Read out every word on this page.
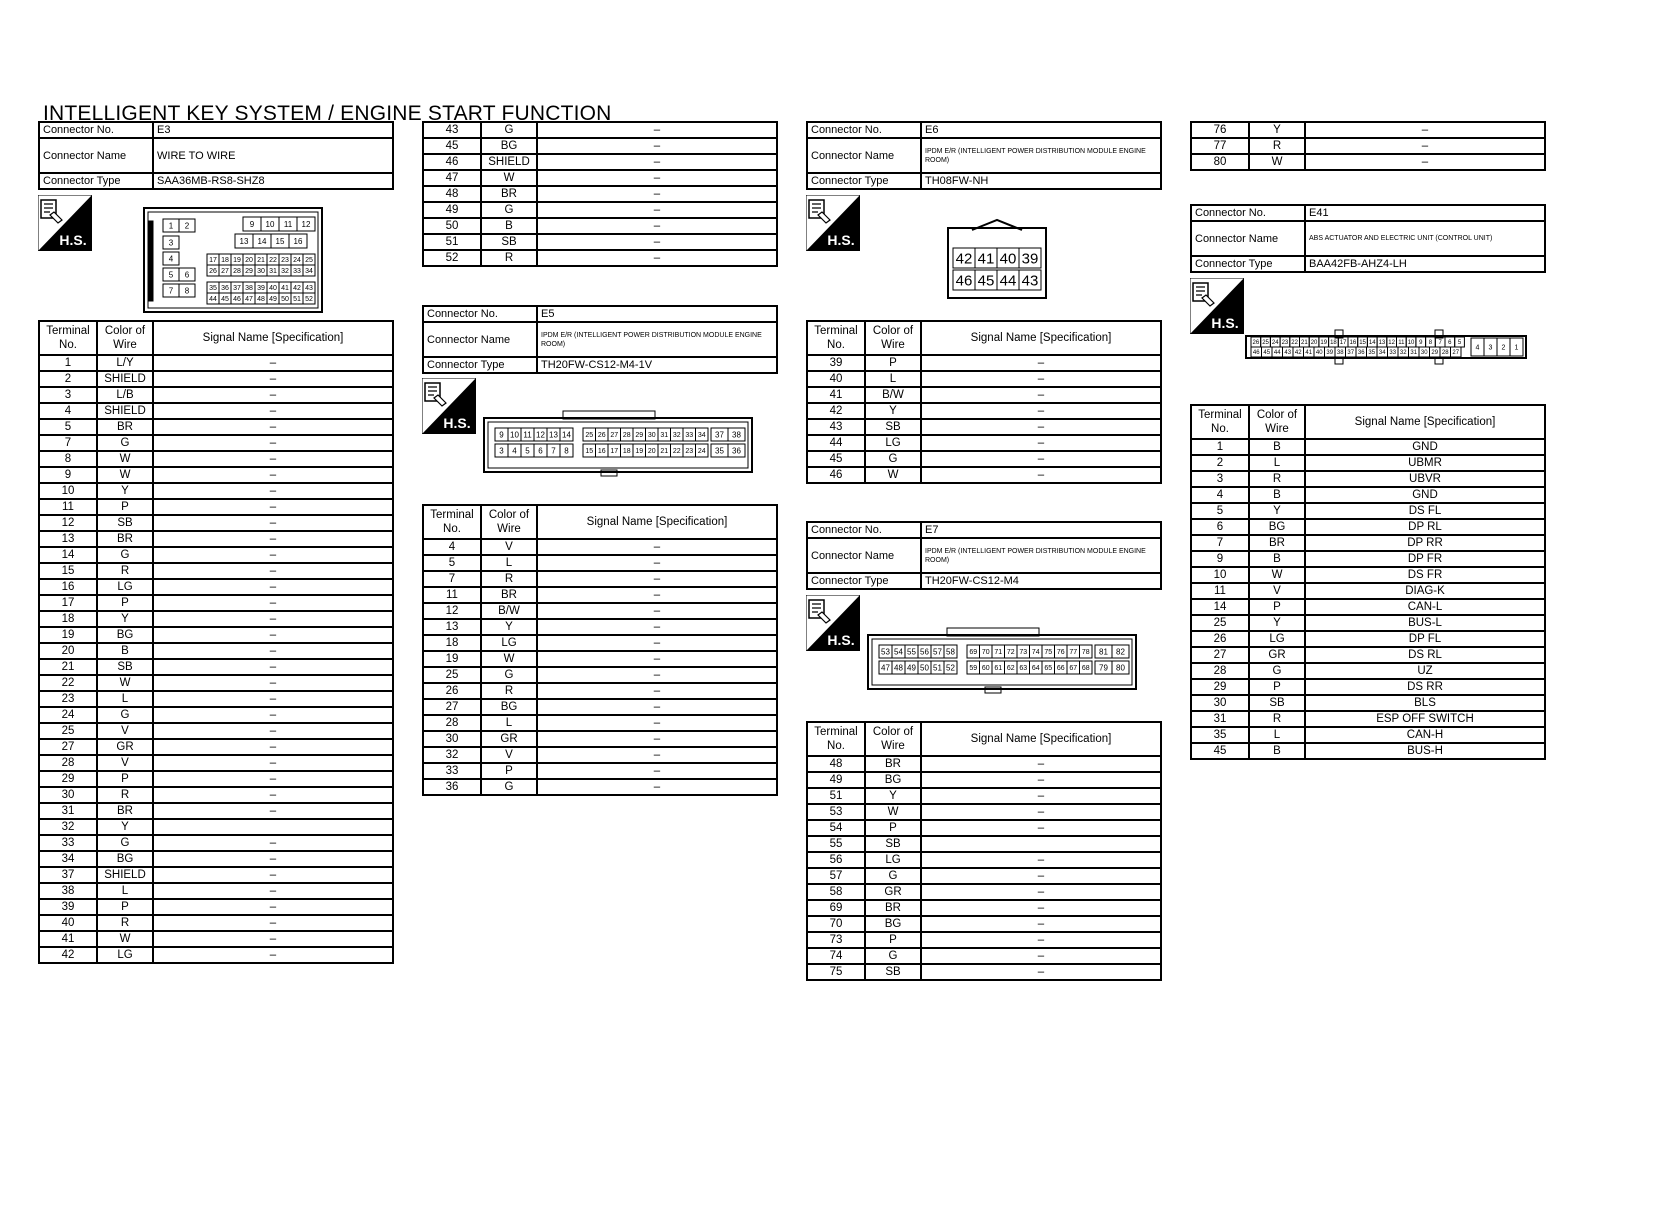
INTELLIGENT KEY SYSTEM / ENGINE START FUNCTION
Connector No.	E3
Connector Name	WIRE TO WIRE
Connector Type	SAA36MB-RS8-SHZ8
H.S.
1 2	9 10 11 12
3	13 14 15 16
4	17 18 19 20 21 22 23 24 25
5 6	26 27 28 29 30 31 32 33 34
7 8	35 36 37 38 39 40 41 42 43
44 45 46 47 48 49 50 51 52
Terminal No.	Color of Wire	Signal Name [Specification]
1	L/Y	–
2	SHIELD	–
3	L/B	–
4	SHIELD	–
5	BR	–
7	G	–
8	W	–
9	W	–
10	Y	–
11	P	–
12	SB	–
13	BR	–
14	G	–
15	R	–
16	LG	–
17	P	–
18	Y	–
19	BG	–
20	B	–
21	SB	–
22	W	–
23	L	–
24	G	–
25	V	–
27	GR	–
28	V	–
29	P	–
30	R	–
31	BR	–
32	Y	
33	G	–
34	BG	–
37	SHIELD	–
38	L	–
39	P	–
40	R	–
41	W	–
42	LG	–
43	G	–
45	BG	–
46	SHIELD	–
47	W	–
48	BR	–
49	G	–
50	B	–
51	SB	–
52	R	–
Connector No.	E5
Connector Name	IPDM E/R (INTELLIGENT POWER DISTRIBUTION MODULE ENGINE ROOM)
Connector Type	TH20FW-CS12-M4-1V
H.S.
9 10 11 12 13 14 25 26 27 28 29 30 31 32 33 34 37 38
3 4 5 6 7 8 15 16 17 18 19 20 21 22 23 24 35 36
Terminal No.	Color of Wire	Signal Name [Specification]
4	V	–
5	L	–
7	R	–
11	BR	–
12	B/W	–
13	Y	–
18	LG	–
19	W	–
25	G	–
26	R	–
27	BG	–
28	L	–
30	GR	–
32	V	–
33	P	–
36	G	–
Connector No.	E6
Connector Name	IPDM E/R (INTELLIGENT POWER DISTRIBUTION MODULE ENGINE ROOM)
Connector Type	TH08FW-NH
H.S.
42 41 40 39
46 45 44 43
Terminal No.	Color of Wire	Signal Name [Specification]
39	P	–
40	L	–
41	B/W	–
42	Y	–
43	SB	–
44	LG	–
45	G	–
46	W	–
Connector No.	E7
Connector Name	IPDM E/R (INTELLIGENT POWER DISTRIBUTION MODULE ENGINE ROOM)
Connector Type	TH20FW-CS12-M4
H.S.
53 54 55 56 57 58 69 70 71 72 73 74 75 76 77 78 81 82
47 48 49 50 51 52 59 60 61 62 63 64 65 66 67 68 79 80
Terminal No.	Color of Wire	Signal Name [Specification]
48	BR	–
49	BG	–
51	Y	–
53	W	–
54	P	–
55	SB	
56	LG	–
57	G	–
58	GR	–
69	BR	–
70	BG	–
73	P	–
74	G	–
75	SB	–
76	Y	–
77	R	–
80	W	–
Connector No.	E41
Connector Name	ABS ACTUATOR AND ELECTRIC UNIT (CONTROL UNIT)
Connector Type	BAA42FB-AHZ4-LH
H.S.
26 25 24 23 22 21 20 19 18 17 16 15 14 13 12 11 10 9 8 7 6 5
46 45 44 43 42 41 40 39 38 37 36 35 34 33 32 31 30 29 28 27
4 3 2 1
Terminal No.	Color of Wire	Signal Name [Specification]
1	B	GND
2	L	UBMR
3	R	UBVR
4	B	GND
5	Y	DS FL
6	BG	DP RL
7	BR	DP RR
9	B	DP FR
10	W	DS FR
11	V	DIAG-K
14	P	CAN-L
25	Y	BUS-L
26	LG	DP FL
27	GR	DS RL
28	G	UZ
29	P	DS RR
30	SB	BLS
31	R	ESP OFF SWITCH
35	L	CAN-H
45	B	BUS-H
